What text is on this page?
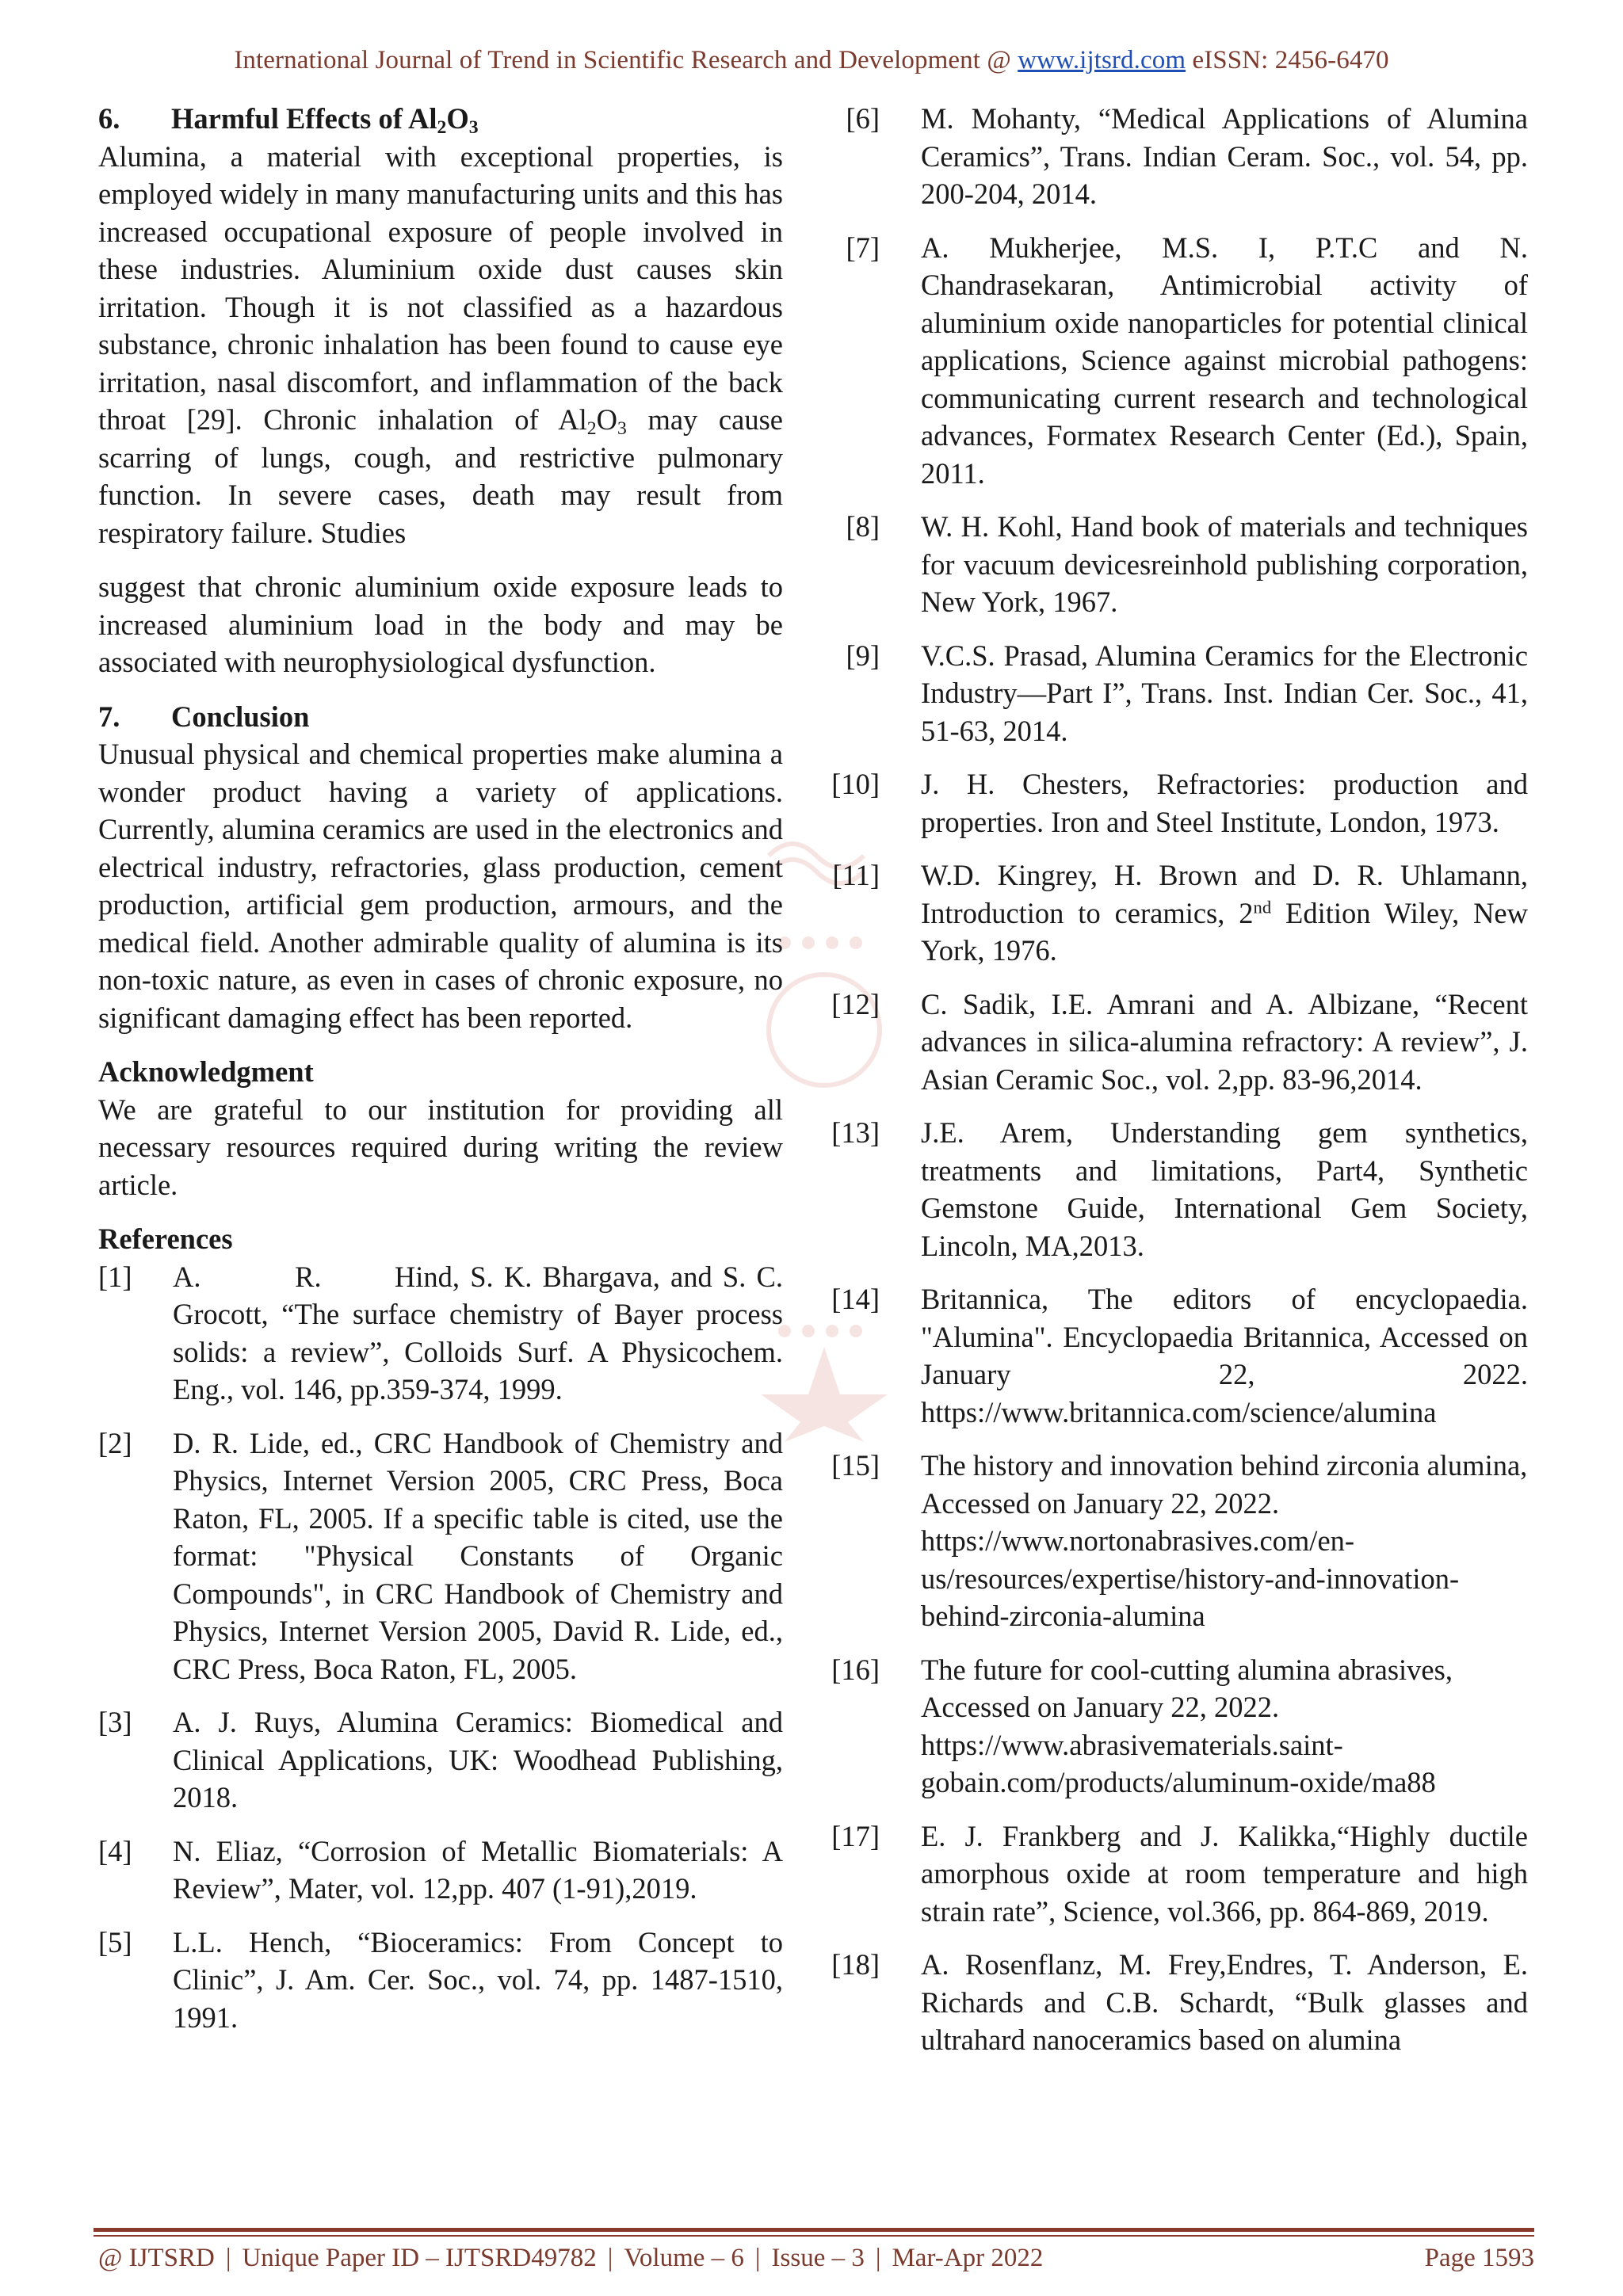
International Journal of Trend in Scientific Research and Development @ www.ijtsrd.com eISSN: 2456-6470

6. Harmful Effects of $Al_2O_3$

Alumina, a material with exceptional properties, is employed widely in many manufacturing units and this has increased occupational exposure of people involved in these industries. Aluminium oxide dust causes skin irritation. Though it is not classified as a hazardous substance, chronic inhalation has been found to cause eye irritation, nasal discomfort, and inflammation of the back throat [29]. Chronic inhalation of $Al_2O_3$ may cause scarring of lungs, cough, and restrictive pulmonary function. In severe cases, death may result from respiratory failure. Studies

suggest that chronic aluminium oxide exposure leads to increased aluminium load in the body and may be associated with neurophysiological dysfunction.

7. Conclusion

Unusual physical and chemical properties make alumina a wonder product having a variety of applications. Currently, alumina ceramics are used in the electronics and electrical industry, refractories, glass production, cement production, artificial gem production, armours, and the medical field. Another admirable quality of alumina is its non-toxic nature, as even in cases of chronic exposure, no significant damaging effect has been reported.

Acknowledgment

We are grateful to our institution for providing all necessary resources required during writing the review article.

References

[1] A.         R.       Hind, S. K. Bhargava, and S. C. Grocott, “The surface chemistry of Bayer process solids: a review”, Colloids Surf. A Physicochem. Eng., vol. 146, pp.359-374, 1999.
[2] D. R. Lide, ed., CRC Handbook of Chemistry and Physics, Internet Version 2005, CRC Press, Boca Raton, FL, 2005. If a specific table is cited, use the format: "Physical Constants of Organic Compounds", in CRC Handbook of Chemistry and Physics, Internet Version 2005, David R. Lide, ed., CRC Press, Boca Raton, FL, 2005.
[3] A. J. Ruys, Alumina Ceramics: Biomedical and Clinical Applications, UK: Woodhead Publishing, 2018.
[4] N. Eliaz, “Corrosion of Metallic Biomaterials: A Review”, Mater, vol. 12,pp. 407 (1-91),2019.
[5] L.L. Hench, “Bioceramics: From Concept to Clinic”, J. Am. Cer. Soc., vol. 74, pp. 1487-1510, 1991.
[6] M. Mohanty, “Medical Applications of Alumina Ceramics”, Trans. Indian Ceram. Soc., vol. 54, pp. 200-204, 2014.
[7] A. Mukherjee, M.S. I, P.T.C and N. Chandrasekaran, Antimicrobial activity of aluminium oxide nanoparticles for potential clinical applications, Science against microbial pathogens: communicating current research and technological advances, Formatex Research Center (Ed.), Spain, 2011.
[8] W. H. Kohl, Hand book of materials and techniques for vacuum devicesreinhold publishing corporation, New York, 1967.
[9] V.C.S. Prasad, Alumina Ceramics for the Electronic Industry—Part I”, Trans. Inst. Indian Cer. Soc., 41, 51-63, 2014.
[10] J. H. Chesters, Refractories: production and properties. Iron and Steel Institute, London, 1973.
[11] W.D. Kingrey, H. Brown and D. R. Uhlamann, Introduction to ceramics, 2nd Edition Wiley, New York, 1976.
[12] C. Sadik, I.E. Amrani and A. Albizane, “Recent advances in silica-alumina refractory: A review”, J. Asian Ceramic Soc., vol. 2,pp. 83-96,2014.
[13] J.E. Arem, Understanding gem synthetics, treatments and limitations, Part4, Synthetic Gemstone Guide, International Gem Society, Lincoln, MA,2013.
[14] Britannica, The editors of encyclopaedia. "Alumina". Encyclopaedia Britannica, Accessed on January 22, 2022. https://www.britannica.com/science/alumina
[15] The history and innovation behind zirconia alumina, Accessed on January 22, 2022. https://www.nortonabrasives.com/en-us/resources/expertise/history-and-innovation-behind-zirconia-alumina
[16] The future for cool-cutting alumina abrasives, Accessed on January 22, 2022. https://www.abrasivematerials.saint-gobain.com/products/aluminum-oxide/ma88
[17] E. J. Frankberg and J. Kalikka,“Highly ductile amorphous oxide at room temperature and high strain rate”, Science, vol.366, pp. 864-869, 2019.
[18] A. Rosenflanz, M. Frey,Endres, T. Anderson, E. Richards and C.B. Schardt, “Bulk glasses and ultrahard nanoceramics based on alumina
@ IJTSRD | Unique Paper ID – IJTSRD49782 | Volume – 6 | Issue – 3 | Mar-Apr 2022	Page 1593
